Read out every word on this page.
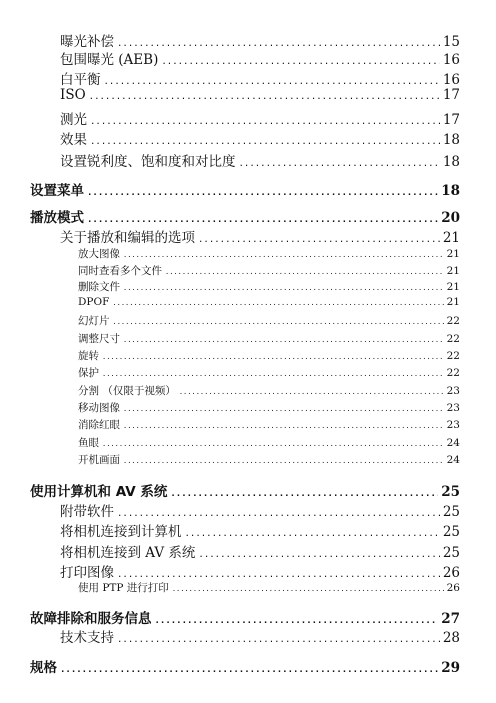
曝光补偿 .....	15
包围曝光 (AEB) .....	16
白平衡 .....	16
ISO .....	17
测光 .....	17
效果 .....	18
设置锐利度、饱和度和对比度 .....	18
设置菜单 .....	18
播放模式 .....	20
关于播放和编辑的选项 .....	21
放大图像 .....	21
同时查看多个文件 .....	21
删除文件 .....	21
DPOF .....	21
幻灯片 .....	22
调整尺寸 .....	22
旋转 .....	22
保护 .....	22
分割 （仅限于视频） .....	23
移动图像 .....	23
消除红眼 .....	23
鱼眼 .....	24
开机画面 .....	24
使用计算机和 AV 系统 .....	25
附带软件 .....	25
将相机连接到计算机 .....	25
将相机连接到 AV 系统 .....	25
打印图像 .....	26
使用 PTP 进行打印 .....	26
故障排除和服务信息 .....	27
技术支持 .....	28
规格 .....	29
